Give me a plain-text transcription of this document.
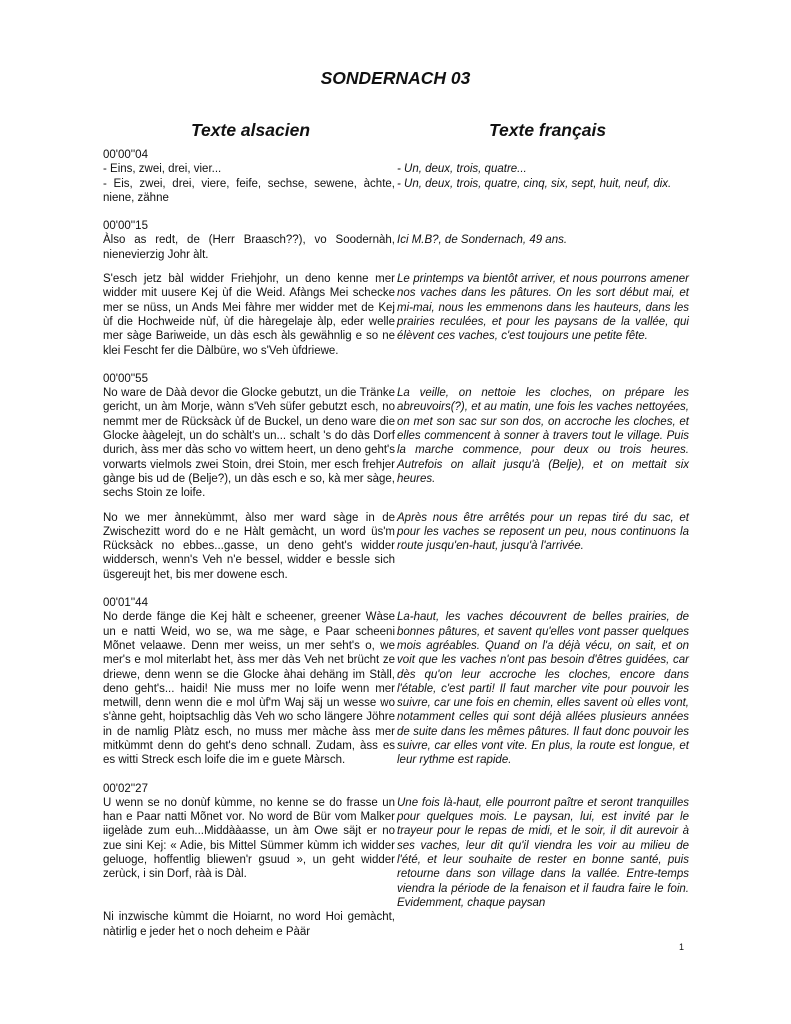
SONDERNACH 03
Texte alsacien	Texte français
00'00''04
- Eins, zwei, drei, vier...	- Un, deux, trois, quatre...
- Eis, zwei, drei, viere, feife, sechse, sewene, àchte, niene, zähne
- Un, deux, trois, quatre, cinq, six, sept, huit, neuf, dix.
00'00''15
Àlso as redt, de (Herr Braasch??), vo Soodernàh, nienevierzig Johr àlt.
Ici M.B?, de Sondernach, 49 ans.
S'esch jetz bàl widder Friehjohr, un deno kenne mer widder mit uusere Kej ùf die Weid. Afàngs Mei schecke mer se nüss, un Ands Mei fàhre mer widder met de Kej ùf die Hochweide nùf, ùf die hàregelaje àlp, eder welle mer sàge Bariweide, un dàs esch àls gewähnlig e so ne klei Fescht fer die Dàlbüre, wo s'Veh ùfdriewe.
Le printemps va bientôt arriver, et nous pourrons amener nos vaches dans les pâtures. On les sort début mai, et mi-mai, nous les emmenons dans les hauteurs, dans les prairies reculées, et pour les paysans de la vallée, qui élèvent ces vaches, c'est toujours une petite fête.
00'00''55
No ware de Dàà devor die Glocke gebutzt, un die Tränke gericht, un àm Morje, wànn s'Veh süfer gebutzt esch, no nemmt mer de Rücksàck ùf de Buckel, un deno ware die Glocke ààgelejt, un do schàlt's un... schalt 's do dàs Dorf durich, àss mer dàs scho vo wittem heert, un deno geht's vorwarts vielmols zwei Stoin, drei Stoin, mer esch frehjer gànge bis ud de (Belje?), un dàs esch e so, kà mer sàge, sechs Stoin ze loife.
La veille, on nettoie les cloches, on prépare les abreuvoirs(?), et au matin, une fois les vaches nettoyées, on met son sac sur son dos, on accroche les cloches, et elles commencent à sonner à travers tout le village. Puis la marche commence, pour deux ou trois heures. Autrefois on allait jusqu'à (Belje), et on mettait six heures.
No we mer ànnekùmmt, àlso mer ward sàge in de Zwischezitt word do e ne Hàlt gemàcht, un word üs'm Rücksàck no ebbes...gasse, un deno geht's widder widdersch, wenn's Veh n'e bessel, widder e bessle sich üsgereujt het, bis mer dowene esch.
Après nous être arrêtés pour un repas tiré du sac, et pour les vaches se reposent un peu, nous continuons la route jusqu'en-haut, jusqu'à l'arrivée.
00'01''44
No derde fänge die Kej hàlt e scheener, greener Wàse un e natti Weid, wo se, wa me sàge, e Paar scheeni Mõnet velaawe. Denn mer weiss, un mer seht's o, we mer's e mol miterlabt het, àss mer dàs Veh net brücht ze driewe, denn wenn se die Glocke àhai dehäng im Stàll, deno geht's... haidi! Nie muss mer no loife wenn mer metwill, denn wenn die e mol ùf'm Waj säj un wesse wo s'ànne geht, hoiptsachlig dàs Veh wo scho längere Jöhre in de namlig Plàtz esch, no muss mer màche àss mer mitkùmmt denn do geht's deno schnall. Zudam, àss es es witti Streck esch loife die im e guete Màrsch.
La-haut, les vaches découvrent de belles prairies, de bonnes pâtures, et savent qu'elles vont passer quelques mois agréables. Quand on l'a déjà vécu, on sait, et on voit que les vaches n'ont pas besoin d'êtres guidées, car dès qu'on leur accroche les cloches, encore dans l'étable, c'est parti! Il faut marcher vite pour pouvoir les suivre, car une fois en chemin, elles savent où elles vont, notamment celles qui sont déjà allées plusieurs années de suite dans les mêmes pâtures. Il faut donc pouvoir les suivre, car elles vont vite. En plus, la route est longue, et leur rythme est rapide.
00'02''27
U wenn se no donùf kùmme, no kenne se do frasse un han e Paar natti Mõnet vor. No word de Bür vom Malker iigelàde zum euh...Middààasse, un àm Owe säjt er no zue sini Kej: « Adie, bis Mittel Sümmer kùmm ich widder geluoge, hoffentlig bliewen'r gsuud », un geht widder zerùck, i sin Dorf, ràà is Dàl.
Une fois là-haut, elle pourront paître et seront tranquilles pour quelques mois. Le paysan, lui, est invité par le trayeur pour le repas de midi, et le soir, il dit aurevoir à ses vaches, leur dit qu'il viendra les voir au milieu de l'été, et leur souhaite de rester en bonne santé, puis retourne dans son village dans la vallée. Entre-temps viendra la période de la fenaison et il faudra faire le foin. Evidemment, chaque paysan
Ni inzwische kùmmt die Hoiarnt, no word Hoi gemàcht, nàtirlig e jeder het o noch deheim e Pàär
1
